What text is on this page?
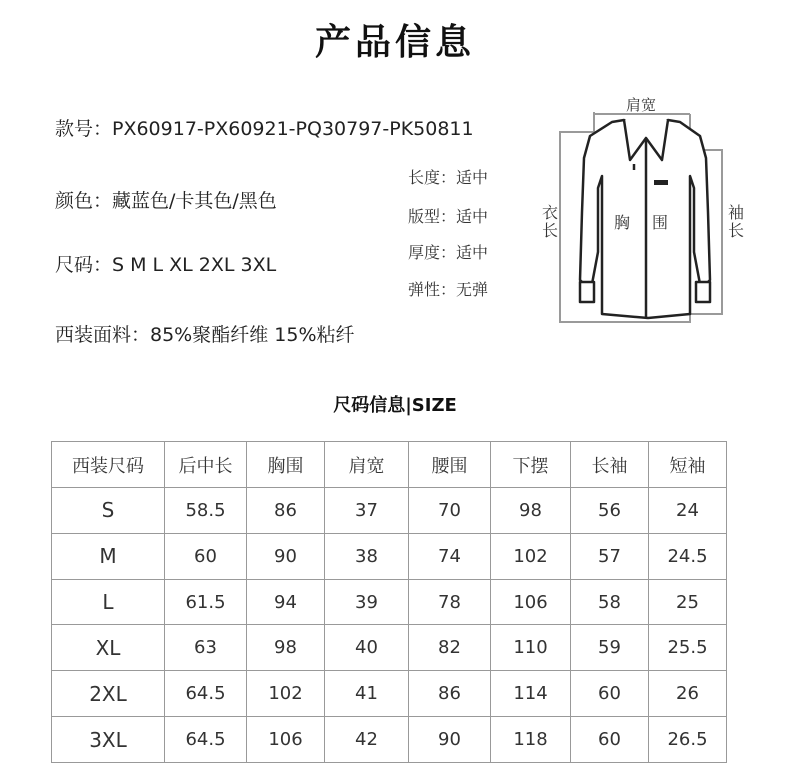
产品信息
款号：PX60917-PX60921-PQ30797-PK50811
颜色：藏蓝色/卡其色/黑色
尺码：S M L XL 2XL 3XL
西装面料：85%聚酯纤维 15%粘纤
长度：适中
版型：适中
厚度：适中
弹性：无弹
肩宽
衣长	胸 围
袖长
尺码信息|SIZE
西装尺码	后中长	胸围	肩宽	腰围	下摆	长袖	短袖
S	58.5	86	37	70	98	56	24
M	60	90	38	74	102	57	24.5
L	61.5	94	39	78	106	58	25
XL	63	98	40	82	110	59	25.5
2XL	64.5	102	41	86	114	60	26
3XL	64.5	106	42	90	118	60	26.5
